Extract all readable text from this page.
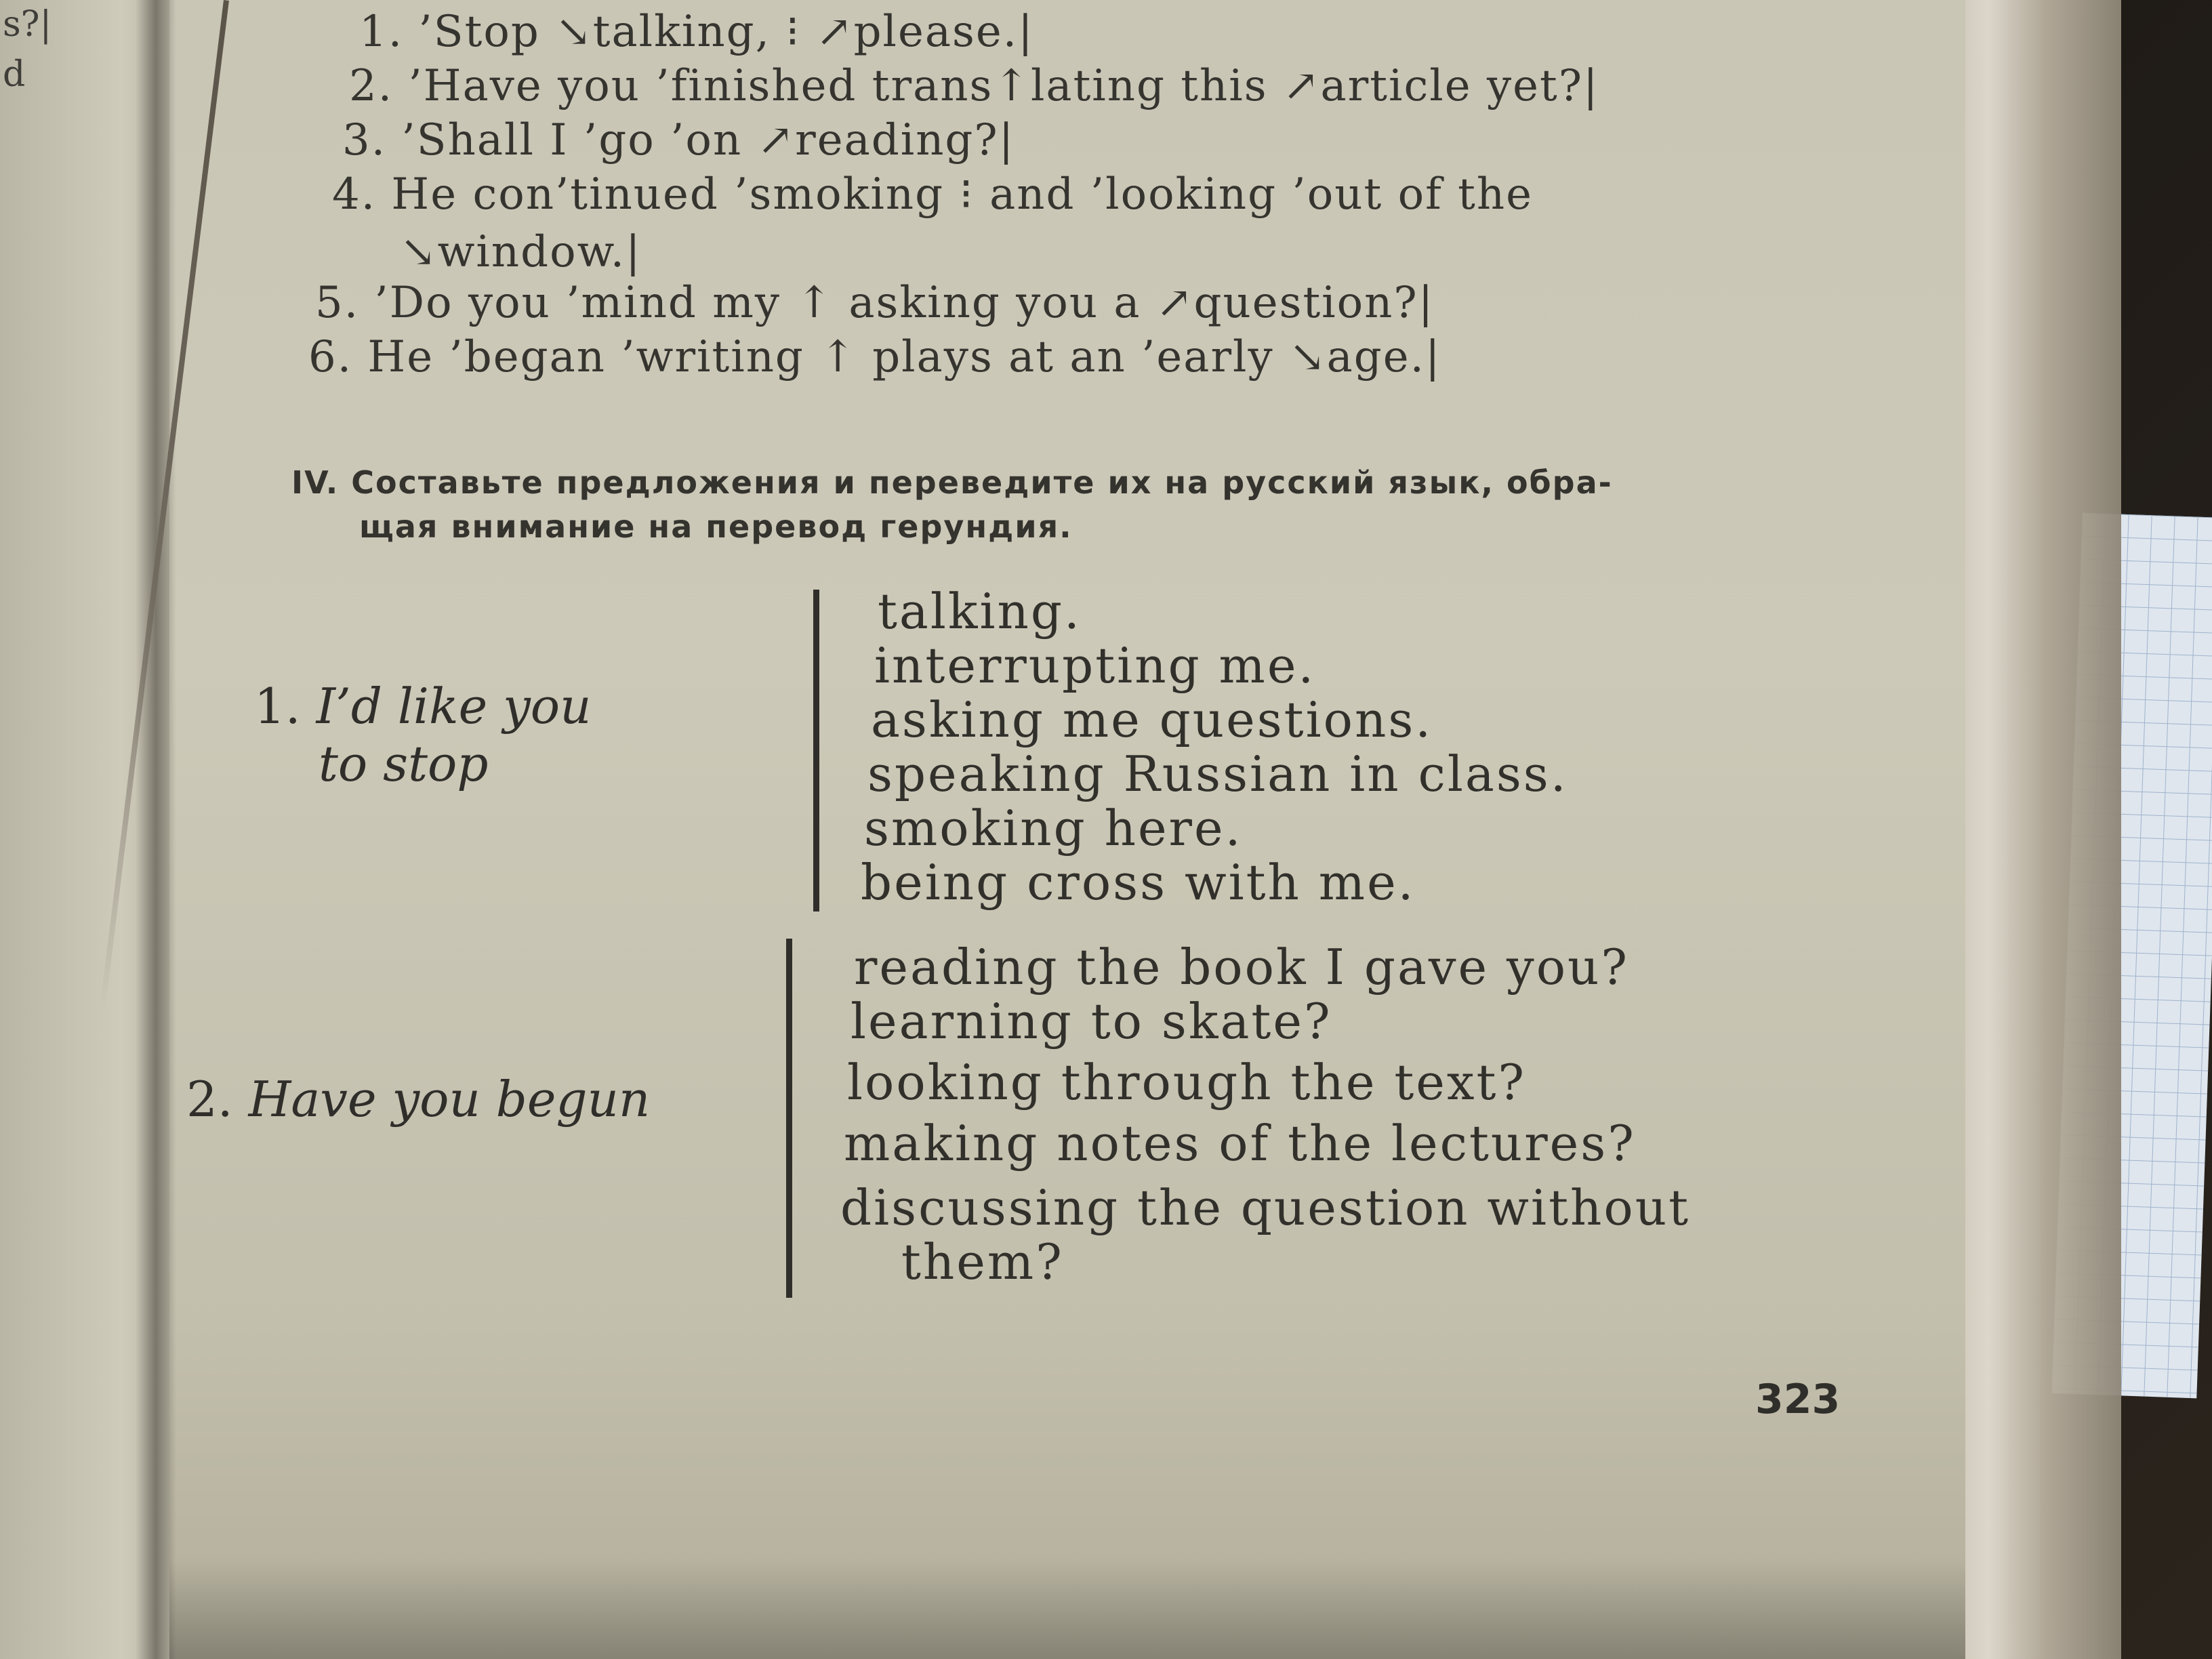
s?|
d
1. ’Stop ↘talking, ⁝ ↗please.|
2. ’Have you ’finished trans↑lating this ↗article yet?|
3. ’Shall I ’go ’on ↗reading?|
4. He con’tinued ’smoking ⁝ and ’looking ’out of the
↘window.|
5. ’Do you ’mind my ↑ asking you a ↗question?|
6. He ’began ’writing ↑ plays at an ’early ↘age.|
IV. Составьте предложения и переведите их на русский язык, обра-
щая внимание на перевод герундия.
1. I’d like you
to stop
talking.
interrupting me.
asking me questions.
speaking Russian in class.
smoking here.
being cross with me.
2. Have you begun
reading the book I gave you?
learning to skate?
looking through the text?
making notes of the lectures?
discussing the question without
them?
323
